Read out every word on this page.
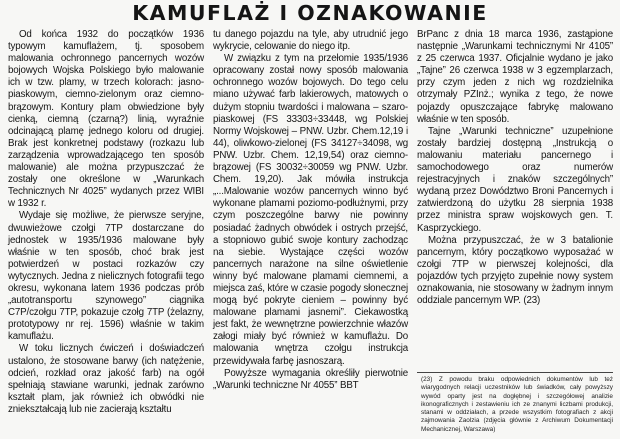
KAMUFLAŻ I OZNAKOWANIE

Od końca 1932 do początków 1936 typowym kamuflażem, tj. sposobem malowania ochronnego pancernych wozów bojowych Wojska Polskiego było malowanie ich w tzw. plamy, w trzech kolorach: jasno-piaskowym, ciemno-zielonym oraz ciemno-brązowym. Kontury plam obwiedzione były cienką, ciemną (czarną?) linią, wyraźnie odcinającą plamę jednego koloru od drugiej. Brak jest konkretnej podstawy (rozkazu lub zarządzenia wprowadzającego ten sposób malowanie) ale można przypuszczać że zostały one określone w „Warunkach Technicznych Nr 4025” wydanych przez WIBI w 1932 r.

Wydaje się możliwe, że pierwsze seryjne, dwuwieżowe czołgi 7TP dostarczane do jednostek w 1935/1936 malowane były właśnie w ten sposób, choć brak jest potwierdzeń w postaci rozkazów czy wytycznych. Jedna z nielicznych fotografii tego okresu, wykonana latem 1936 podczas prób „autotransportu szynowego” ciągnika C7P/czołgu 7TP, pokazuje czołg 7TP (żelazny, prototypowy nr rej. 1596) właśnie w takim kamuflażu.

W toku licznych ćwiczeń i doświadczeń ustalono, że stosowane barwy (ich natężenie, odcień, rozkład oraz jakość farb) na ogół spełniają stawiane warunki, jednak zarówno kształt plam, jak również ich obwódki nie zniekształcają lub nie zacierają kształtu

tu danego pojazdu na tyle, aby utrudnić jego wykrycie, celowanie do niego itp.

W związku z tym na przełomie 1935/1936 opracowany został nowy sposób malowania ochronnego wozów bojowych. Do tego celu miano używać farb lakierowych, matowych o dużym stopniu twardości i malowana – szaro-piaskowej (FS 33303÷33448, wg Polskiej Normy Wojskowej – PNW. Uzbr. Chem.12,19 i 44), oliwkowo-zielonej (FS 34127÷34098, wg PNW. Uzbr. Chem. 12,19,54) oraz ciemno-brązowej (FS 30032÷30059 wg PNW. Uzbr. Chem. 19,20). Jak mówiła instrukcja „...Malowanie wozów pancernych winno być wykonane plamami poziomo-podłużnymi, przy czym poszczególne barwy nie powinny posiadać żadnych obwódek i ostrych przejść, a stopniowo gubić swoje kontury zachodząc na siebie. Wystające części wozów pancernych narażone na silne oświetlenie winny być malowane plamami ciemnemi, a miejsca zaś, które w czasie pogody słonecznej mogą być pokryte cieniem – powinny być malowane plamami jasnemi”. Ciekawostką jest fakt, że wewnętrzne powierzchnie włazów załogi miały być również w kamuflażu. Do malowania wnętrza czołgu instrukcja przewidywała farbę jasnoszarą.

Powyższe wymagania określiły pierwotnie „Warunki techniczne Nr 4055” BBT

BrPanc z dnia 18 marca 1936, zastąpione następnie „Warunkami technicznymi Nr 4105” z 25 czerwca 1937. Oficjalnie wydano je jako „Tajne” 26 czerwca 1938 w 3 egzemplarzach, przy czym jeden z nich wg rozdzielnika otrzymały PZInż.; wynika z tego, że nowe pojazdy opuszczające fabrykę malowano właśnie w ten sposób.

Tajne „Warunki techniczne” uzupełnione zostały bardziej dostępną „Instrukcją o malowaniu materiału pancernego i samochodowego oraz numerów rejestracyjnych i znaków szczególnych” wydaną przez Dowództwo Broni Pancernych i zatwierdzoną do użytku 28 sierpnia 1938 przez ministra spraw wojskowych gen. T. Kasprzyckiego.

Można przypuszczać, że w 3 batalionie pancernym, który początkowo wyposażać w czołgi 7TP w pierwszej kolejności, dla pojazdów tych przyjęto zupełnie nowy system oznakowania, nie stosowany w żadnym innym oddziale pancernym WP. (23)

(23) Z powodu braku odpowiednich dokumentów lub też wiarygodnych relacji uczestników lub świadków, cały powyższy wywód oparty jest na dogłębnej i szczegółowej analizie ikonograficznych i zestawieniu ich ze znanymi liczbami produkcji, stanami w oddziałach, a przede wszystkim fotografiach z akcji zajmowania Zaolzia (zdjęcia głównie z Archiwum Dokumentacji Mechanicznej, Warszawa)
